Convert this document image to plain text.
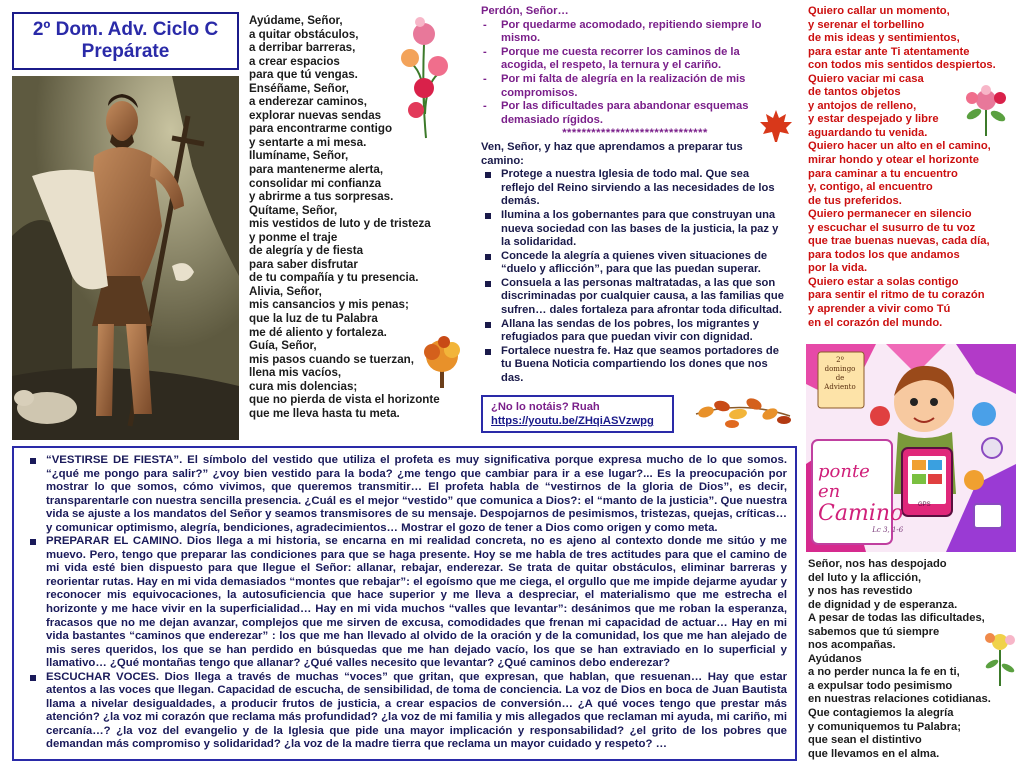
2º Dom. Adv. Ciclo C
Prepárate

Ayúdame, Señor,

a quitar obstáculos,

a derribar barreras,

a crear espacios

para que tú vengas.

Enséñame, Señor,

a enderezar caminos,

explorar nuevas sendas

para encontrarme contigo

y sentarte a mi mesa.

Ilumíname, Señor,

para mantenerme alerta,

consolidar mi confianza

y abrirme a tus sorpresas.

Quítame, Señor,

mis vestidos de luto y de tristeza

y ponme el traje

de alegría y de fiesta

para saber disfrutar

de tu compañía y tu presencia.

Alivia, Señor,

mis cansancios y mis penas;

que la luz de tu Palabra

me dé aliento y fortaleza.

Guía, Señor,

mis pasos cuando se tuerzan,

llena mis vacíos,

cura mis dolencias;

que no pierda de vista el horizonte

que me lleva hasta tu meta.

Perdón, Señor…
- Por quedarme acomodado, repitiendo siempre lo
mismo.
- Porque me cuesta recorrer los caminos de la
acogida, el respeto, la ternura y el cariño.
- Por mi falta de alegría en la realización de mis
compromisos.
- Por las dificultades para abandonar esquemas
demasiado rígidos.
******************************
Ven, Señor, y haz que aprendamos a preparar tus
camino:
Protege a nuestra Iglesia de todo mal. Que sea
reflejo del Reino sirviendo a las necesidades de los
demás.
Ilumina a los gobernantes para que construyan una
nueva sociedad con las bases de la justicia, la paz y
la solidaridad.
Concede la alegría a quienes viven situaciones de
“duelo y aflicción”, para que las puedan superar.
Consuela a las personas maltratadas, a las que son
discriminadas por cualquier causa, a las familias que
sufren… dales fortaleza para afrontar toda dificultad.
Allana las sendas de los pobres, los migrantes y
refugiados para que puedan vivir con dignidad.
Fortalece nuestra fe. Haz que seamos portadores de
tu Buena Noticia compartiendo los dones que nos
das.
¿No lo notáis? Ruah
https://youtu.be/ZHqiASVzwpg

Quiero callar un momento,

y serenar el torbellino

de mis ideas y sentimientos,

para estar ante Ti atentamente

con todos mis sentidos despiertos.

Quiero vaciar mi casa

de tantos objetos

y antojos de relleno,

y estar despejado y libre

aguardando tu venida.

Quiero hacer un alto en el camino,

mirar hondo y otear el horizonte

para caminar a tu encuentro

y, contigo, al encuentro

de tus preferidos.

Quiero permanecer en silencio

y escuchar el susurro de tu voz

que trae buenas nuevas, cada día,

para todos los que andamos

por la vida.

Quiero estar a solas contigo

para sentir el ritmo de tu corazón

y aprender a vivir como Tú

en el corazón del mundo.

2º domingo
de Adviento
ponte
en
Camino
Lc 3, 1-6
GPS

Señor, nos has despojado

del luto y la aflicción,

y nos has revestido

de dignidad y de esperanza.

A pesar de todas las dificultades,

sabemos que tú siempre

nos acompañas.

Ayúdanos

a no perder nunca la fe en ti,

a expulsar todo pesimismo

en nuestras relaciones cotidianas.

Que contagiemos la alegría

y comuniquemos tu Palabra;

que sean el distintivo

que llevamos en el alma.

“VESTIRSE DE FIESTA”. El símbolo del vestido que utiliza el profeta es muy significativa porque expresa mucho de lo que somos. “¿qué me pongo para salir?” ¿voy bien vestido para la boda? ¿me tengo que cambiar para ir a ese lugar?... Es la preocupación por mostrar lo que somos, cómo vivimos, que queremos transmitir… El profeta habla de “vestirnos de la gloria de Dios”, es decir, transparentarle con nuestra sencilla presencia. ¿Cuál es el mejor “vestido” que comunica a Dios?: el “manto de la justicia”. Que nuestra vida se ajuste a los mandatos del Señor y seamos transmisores de su mensaje. Despojarnos de pesimismos, tristezas, quejas, críticas… y comunicar optimismo, alegría, bendiciones, agradecimientos… Mostrar el gozo de tener a Dios como origen y como meta.
PREPARAR EL CAMINO. Dios llega a mi historia, se encarna en mi realidad concreta, no es ajeno al contexto donde me sitúo y me muevo. Pero, tengo que preparar las condiciones para que se haga presente. Hoy se me habla de tres actitudes para que el camino de mi vida esté bien dispuesto para que llegue el Señor: allanar, rebajar, enderezar. Se trata de quitar obstáculos, eliminar barreras y reorientar rutas. Hay en mi vida demasiados “montes que rebajar”: el egoísmo que me ciega, el orgullo que me impide dejarme ayudar y reconocer mis equivocaciones, la autosuficiencia que hace superior y me lleva a despreciar, el materialismo que me estrecha el horizonte y me hace vivir en la superficialidad… Hay en mi vida muchos “valles que levantar”: desánimos que me roban la esperanza, fracasos que no me dejan avanzar, complejos que me sirven de excusa, comodidades que frenan mi capacidad de actuar… Hay en mi vida bastantes “caminos que enderezar” : los que me han llevado al olvido de la oración y de la comunidad, los que me han alejado de mis seres queridos, los que se han perdido en búsquedas que me han dejado vacío, los que se han extraviado en lo superficial y llamativo… ¿Qué montañas tengo que allanar? ¿Qué valles necesito que levantar? ¿Qué caminos debo enderezar?
ESCUCHAR VOCES. Dios llega a través de muchas “voces” que gritan, que expresan, que hablan, que resuenan… Hay que estar atentos a las voces que llegan. Capacidad de escucha, de sensibilidad, de toma de conciencia. La voz de Dios en boca de Juan Bautista llama a nivelar desigualdades, a producir frutos de justicia, a crear espacios de conversión… ¿A qué voces tengo que prestar más atención? ¿la voz mi corazón que reclama más profundidad? ¿la voz de mi familia y mis allegados que reclaman mi ayuda, mi cariño, mi cercanía…? ¿la voz del evangelio y de la Iglesia que pide una mayor implicación y responsabilidad? ¿el grito de los pobres que demandan más compromiso y solidaridad? ¿la voz de la madre tierra que reclama un mayor cuidado y respeto? …
